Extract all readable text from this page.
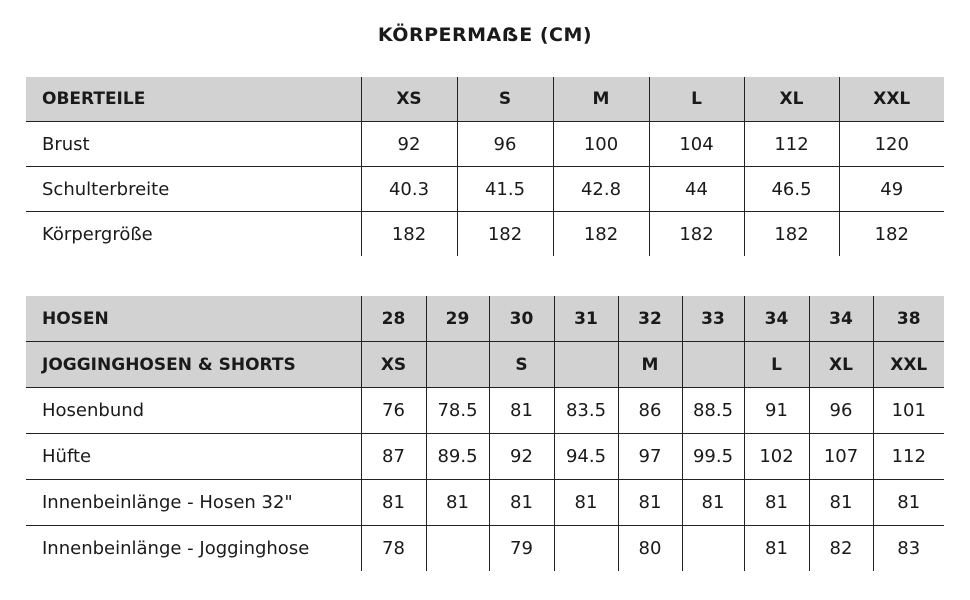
KÖRPERMAẞE (CM)
OBERTEILE	XS	S	M	L	XL	XXL
Brust	92	96	100	104	112	120
Schulterbreite	40.3	41.5	42.8	44	46.5	49
Körpergröße	182	182	182	182	182	182
HOSEN	28	29	30	31	32	33	34	34	38
JOGGINGHOSEN & SHORTS	XS		S		M		L	XL	XXL
Hosenbund	76	78.5	81	83.5	86	88.5	91	96	101
Hüfte	87	89.5	92	94.5	97	99.5	102	107	112
Innenbeinlänge - Hosen 32"	81	81	81	81	81	81	81	81	81
Innenbeinlänge - Jogginghose	78		79		80		81	82	83
